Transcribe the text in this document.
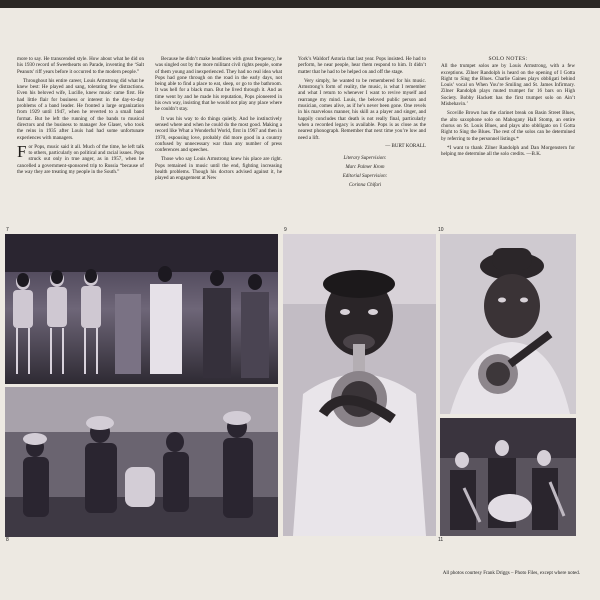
more to say. He transcended style. How about what he did on his 1930 record of Sweethearts on Parade, inventing the ‘Salt Peanuts’ riff years before it occurred to the modern people.”

Throughout his entire career, Louis Armstrong did what he knew best: He played and sang, tolerating few distractions. Even his beloved wife, Lucille, knew music came first. He had little flair for business or interest in the day-to-day problems of a band leader. He fronted a large organization from 1929 until 1947, when he reverted to a small band format. But he left the running of the bands to musical directors and the business to manager Joe Glaser, who took the reins in 1935 after Louis had had some unfortunate experiences with managers.

For Pops, music said it all. Much of the time, he left talk to others, particularly on political and racial issues. Pops struck out only in true anger, as in 1957, when he cancelled a government-sponsored trip to Russia “because of the way they are treating my people in the South.”

Because he didn’t make headlines with great frequency, he was singled out by the more militant civil rights people, some of them young and inexperienced. They had no real idea what Pops had gone through on the road in the early days, not being able to find a place to eat, sleep, or go to the bathroom. It was hell for a black man. But he lived through it. And as time went by and he made his reputation, Pops pioneered in his own way, insisting that he would not play any place where he couldn’t stay.

It was his way to do things quietly. And he instinctively sensed where and when he could do the most good. Making a record like What a Wonderful World, first in 1967 and then in 1970, espousing love, probably did more good in a country confused by unnecessary war than any number of press conferences and speeches.

Those who say Louis Armstrong knew his place are right. Pops remained in music until the end, fighting increasing health problems. Though his doctors advised against it, he played an engagement at New

York’s Waldorf Astoria that last year. Pops insisted. He had to perform, he near people, hear them respond to him. It didn’t matter that he had to be helped on and off the stage.

Very simply, he wanted to be remembered for his music. Armstrong’s form of reality, the music, is what I remember and what I return to whenever I want to revive myself and rearrange my mind. Louis, the beloved public person and musician, comes alive, as if he’s never been gone. One revels in his marvelous manner, his skill as a player and singer, and happily concludes that death is not really final, particularly when a recorded legacy is available. Pops is as close as the nearest phonograph. Remember that next time you’re low and need a lift.

— BURT KORALL

Literary Supervision:

Marc Palmer Krom

Editorial Supervision:

Corinna Chifari

SOLO NOTES:

All the trumpet solos are by Louis Armstrong, with a few exceptions. Zilner Randolph is heard on the opening of I Gotta Right to Sing the Blues. Charlie Gaines plays obbligati behind Louis’ vocal on When You’re Smiling and St. James Infirmary. Zilner Randolph plays muted trumpet for 16 bars on High Society. Bobby Hackett has the first trumpet solo on Ain’t Misbehavin.’

Scoville Brown has the clarinet break on Basin Street Blues, the alto saxophone solo on Mahogany Hall Stomp, an entire chorus on St. Louis Blues, and plays alto obbligato on I Gotta Right to Sing the Blues. The rest of the solos can be determined by referring to the personnel listings.*

*I want to thank Zilner Randolph and Dan Morgenstern for helping me determine all the solo credits. —B.K.

7
8
9	10
11
All photos courtesy Frank Driggs – Photo Files, except where noted.
